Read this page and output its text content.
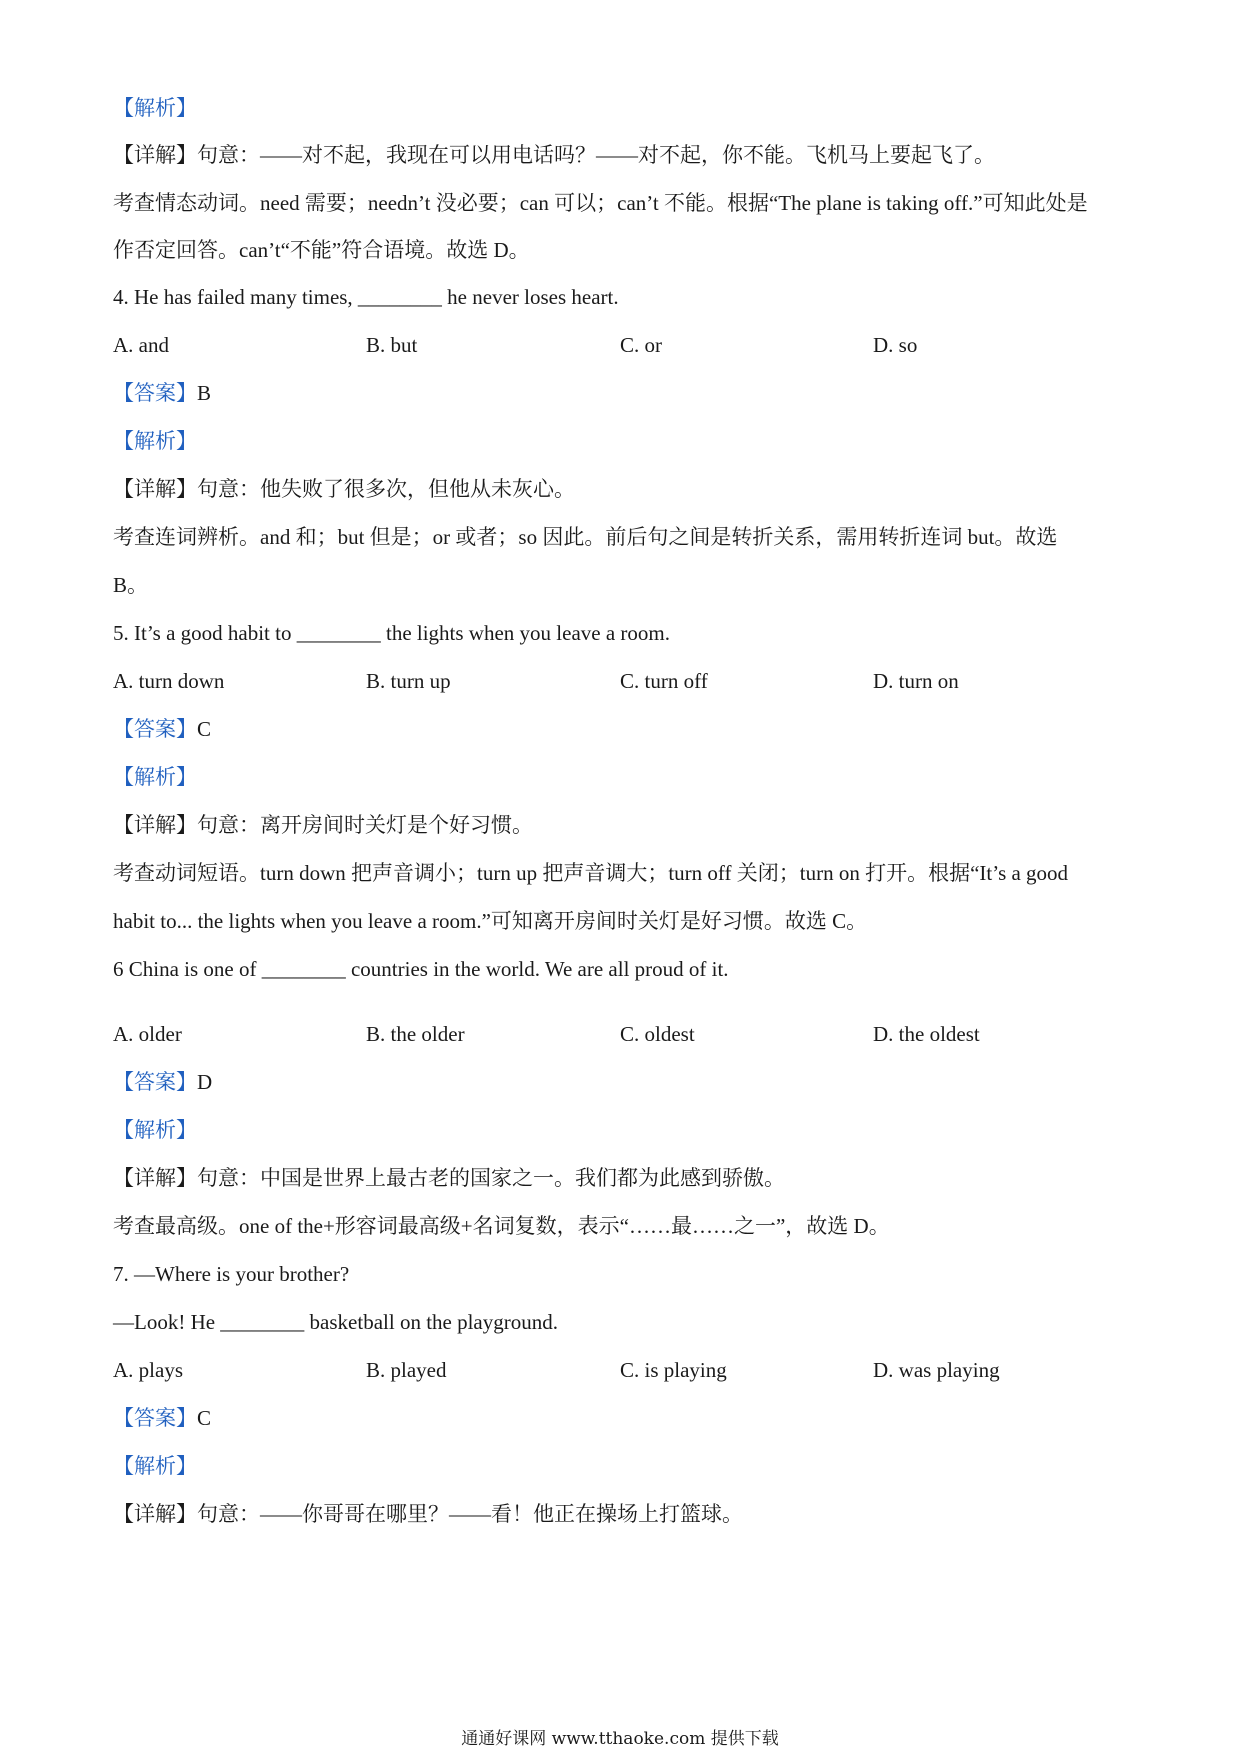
【解析】
【详解】句意：——对不起，我现在可以用电话吗？——对不起，你不能。飞机马上要起飞了。
考查情态动词。need 需要；needn’t 没必要；can 可以；can’t 不能。根据“The plane is taking off.”可知此处是
作否定回答。can’t“不能”符合语境。故选 D。
4. He has failed many times, ________ he never loses heart.
A. and	B. but	C. or	D. so
【答案】B
【解析】
【详解】句意：他失败了很多次，但他从未灰心。
考查连词辨析。and 和；but 但是；or 或者；so 因此。前后句之间是转折关系，需用转折连词 but。故选
B。
5. It’s a good habit to ________ the lights when you leave a room.
A. turn down	B. turn up	C. turn off	D. turn on
【答案】C
【解析】
【详解】句意：离开房间时关灯是个好习惯。
考查动词短语。turn down 把声音调小；turn up 把声音调大；turn off 关闭；turn on 打开。根据“It’s a good
habit to... the lights when you leave a room.”可知离开房间时关灯是好习惯。故选 C。
6 China is one of ________ countries in the world. We are all proud of it.
A. older	B. the older	C. oldest	D. the oldest
【答案】D
【解析】
【详解】句意：中国是世界上最古老的国家之一。我们都为此感到骄傲。
考查最高级。one of the+形容词最高级+名词复数，表示“……最……之一”，故选 D。
7. —Where is your brother?
—Look! He ________ basketball on the playground.
A. plays	B. played	C. is playing	D. was playing
【答案】C
【解析】
【详解】句意：——你哥哥在哪里？——看！他正在操场上打篮球。
通通好课网 www.tthaoke.com 提供下载
